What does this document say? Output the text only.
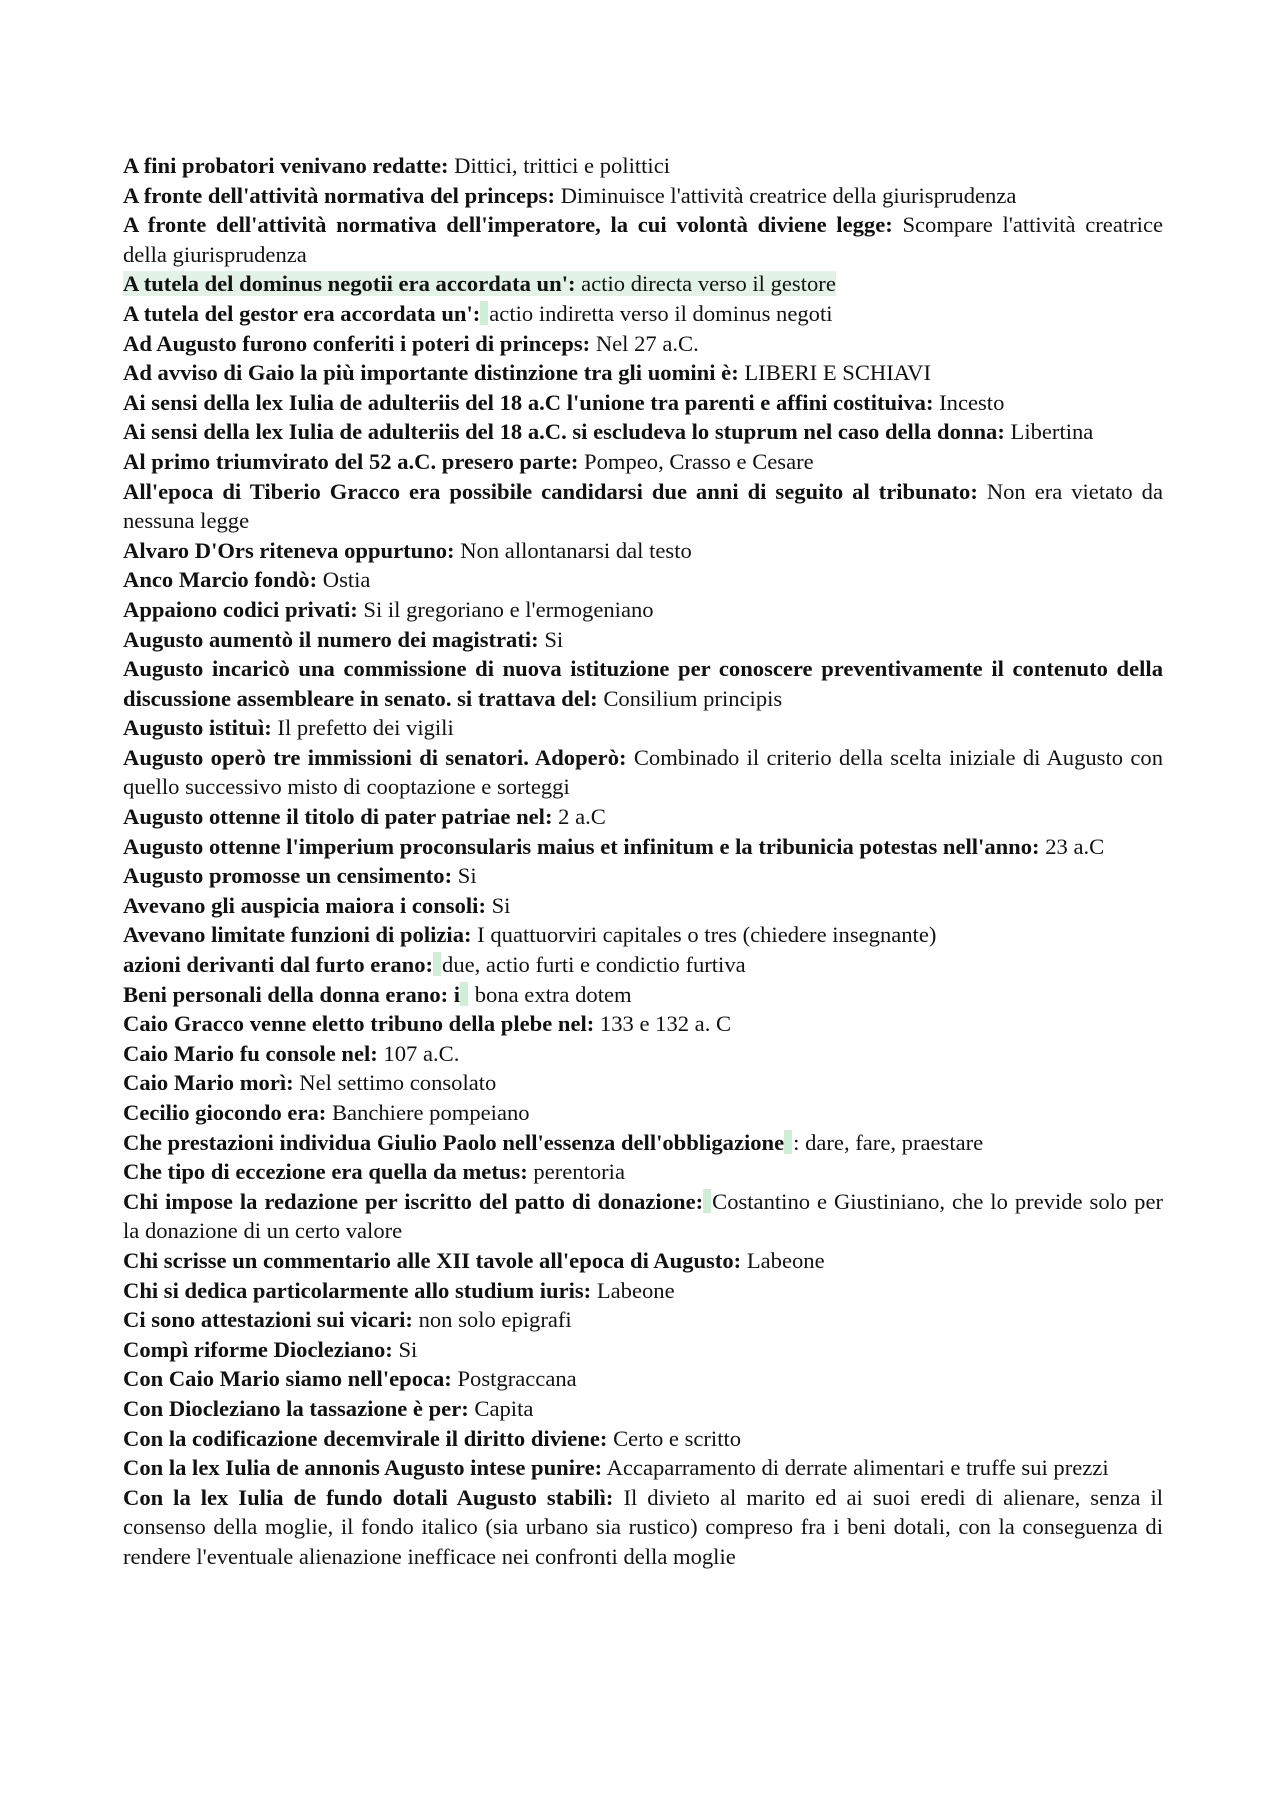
A fini probatori venivano redatte: Dittici, trittici e polittici

A fronte dell'attività normativa del princeps: Diminuisce l'attività creatrice della giurisprudenza

A fronte dell'attività normativa dell'imperatore, la cui volontà diviene legge: Scompare l'attività creatrice della giurisprudenza

A tutela del dominus negotii era accordata un': actio directa verso il gestore

A tutela del gestor era accordata un': actio indiretta verso il dominus negoti

Ad Augusto furono conferiti i poteri di princeps: Nel 27 a.C.

Ad avviso di Gaio la più importante distinzione tra gli uomini è: LIBERI E SCHIAVI

Ai sensi della lex Iulia de adulteriis del 18 a.C l'unione tra parenti e affini costituiva: Incesto

Ai sensi della lex Iulia de adulteriis del 18 a.C. si escludeva lo stuprum nel caso della donna: Libertina

Al primo triumvirato del 52 a.C. presero parte: Pompeo, Crasso e Cesare

All'epoca di Tiberio Gracco era possibile candidarsi due anni di seguito al tribunato: Non era vietato da nessuna legge

Alvaro D'Ors riteneva oppurtuno: Non allontanarsi dal testo

Anco Marcio fondò: Ostia

Appaiono codici privati: Si il gregoriano e l'ermogeniano

Augusto aumentò il numero dei magistrati: Si

Augusto incaricò una commissione di nuova istituzione per conoscere preventivamente il contenuto della discussione assembleare in senato. si trattava del: Consilium principis

Augusto istituì: Il prefetto dei vigili

Augusto operò tre immissioni di senatori. Adoperò: Combinado il criterio della scelta iniziale di Augusto con quello successivo misto di cooptazione e sorteggi

Augusto ottenne il titolo di pater patriae nel: 2 a.C

Augusto ottenne l'imperium proconsularis maius et infinitum e la tribunicia potestas nell'anno: 23 a.C

Augusto promosse un censimento: Si

Avevano gli auspicia maiora i consoli: Si

Avevano limitate funzioni di polizia: I quattuorviri capitales o tres (chiedere insegnante)

azioni derivanti dal furto erano: due, actio furti e condictio furtiva

Beni personali della donna erano: i bona extra dotem

Caio Gracco venne eletto tribuno della plebe nel: 133 e 132 a. C

Caio Mario fu console nel: 107 a.C.

Caio Mario morì: Nel settimo consolato

Cecilio giocondo era: Banchiere pompeiano

Che prestazioni individua Giulio Paolo nell'essenza dell'obbligazione : dare, fare, praestare

Che tipo di eccezione era quella da metus: perentoria

Chi impose la redazione per iscritto del patto di donazione: Costantino e Giustiniano, che lo previde solo per la donazione di un certo valore

Chi scrisse un commentario alle XII tavole all'epoca di Augusto: Labeone

Chi si dedica particolarmente allo studium iuris: Labeone

Ci sono attestazioni sui vicari: non solo epigrafi

Compì riforme Diocleziano: Si

Con Caio Mario siamo nell'epoca: Postgraccana

Con Diocleziano la tassazione è per: Capita

Con la codificazione decemvirale il diritto diviene: Certo e scritto

Con la lex Iulia de annonis Augusto intese punire: Accaparramento di derrate alimentari e truffe sui prezzi

Con la lex Iulia de fundo dotali Augusto stabilì: Il divieto al marito ed ai suoi eredi di alienare, senza il consenso della moglie, il fondo italico (sia urbano sia rustico) compreso fra i beni dotali, con la conseguenza di rendere l'eventuale alienazione inefficace nei confronti della moglie
